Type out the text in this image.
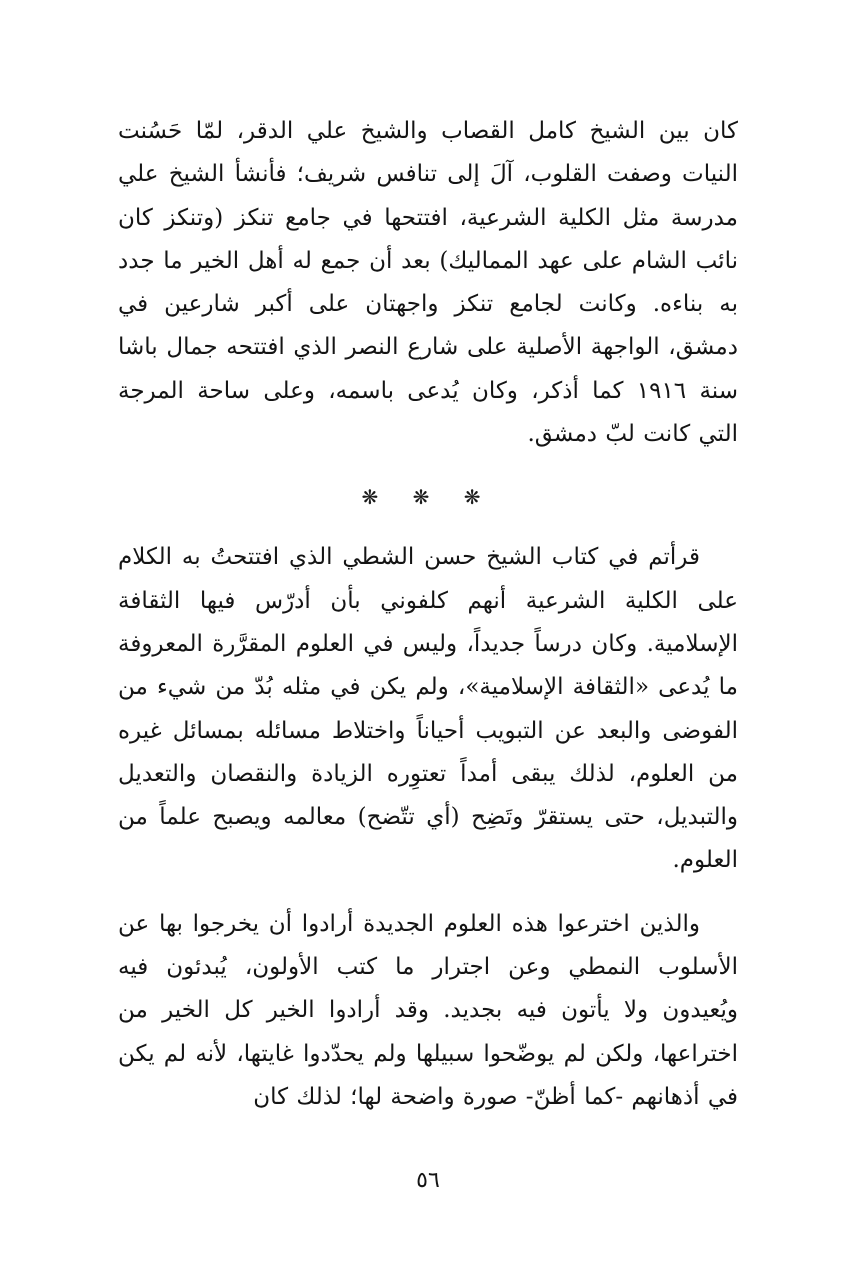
كان بين الشيخ كامل القصاب والشيخ علي الدقر، لمّا حَسُنت النيات وصفت القلوب، آلَ إلى تنافس شريف؛ فأنشأ الشيخ علي مدرسة مثل الكلية الشرعية، افتتحها في جامع تنكز (وتنكز كان نائب الشام على عهد المماليك) بعد أن جمع له أهل الخير ما جدد به بناءه. وكانت لجامع تنكز واجهتان على أكبر شارعين في دمشق، الواجهة الأصلية على شارع النصر الذي افتتحه جمال باشا سنة ١٩١٦ كما أذكر، وكان يُدعى باسمه، وعلى ساحة المرجة التي كانت لبّ دمشق.

❋ ❋ ❋

قرأتم في كتاب الشيخ حسن الشطي الذي افتتحتُ به الكلام على الكلية الشرعية أنهم كلفوني بأن أدرّس فيها الثقافة الإسلامية. وكان درساً جديداً، وليس في العلوم المقرَّرة المعروفة ما يُدعى «الثقافة الإسلامية»، ولم يكن في مثله بُدّ من شيء من الفوضى والبعد عن التبويب أحياناً واختلاط مسائله بمسائل غيره من العلوم، لذلك يبقى أمداً تعتوِره الزيادة والنقصان والتعديل والتبديل، حتى يستقرّ وتَضِح (أي تتّضح) معالمه ويصبح علماً من العلوم.

والذين اخترعوا هذه العلوم الجديدة أرادوا أن يخرجوا بها عن الأسلوب النمطي وعن اجترار ما كتب الأولون، يُبدئون فيه ويُعيدون ولا يأتون فيه بجديد. وقد أرادوا الخير كل الخير من اختراعها، ولكن لم يوضّحوا سبيلها ولم يحدّدوا غايتها، لأنه لم يكن في أذهانهم -كما أظنّ- صورة واضحة لها؛ لذلك كان

٥٦
